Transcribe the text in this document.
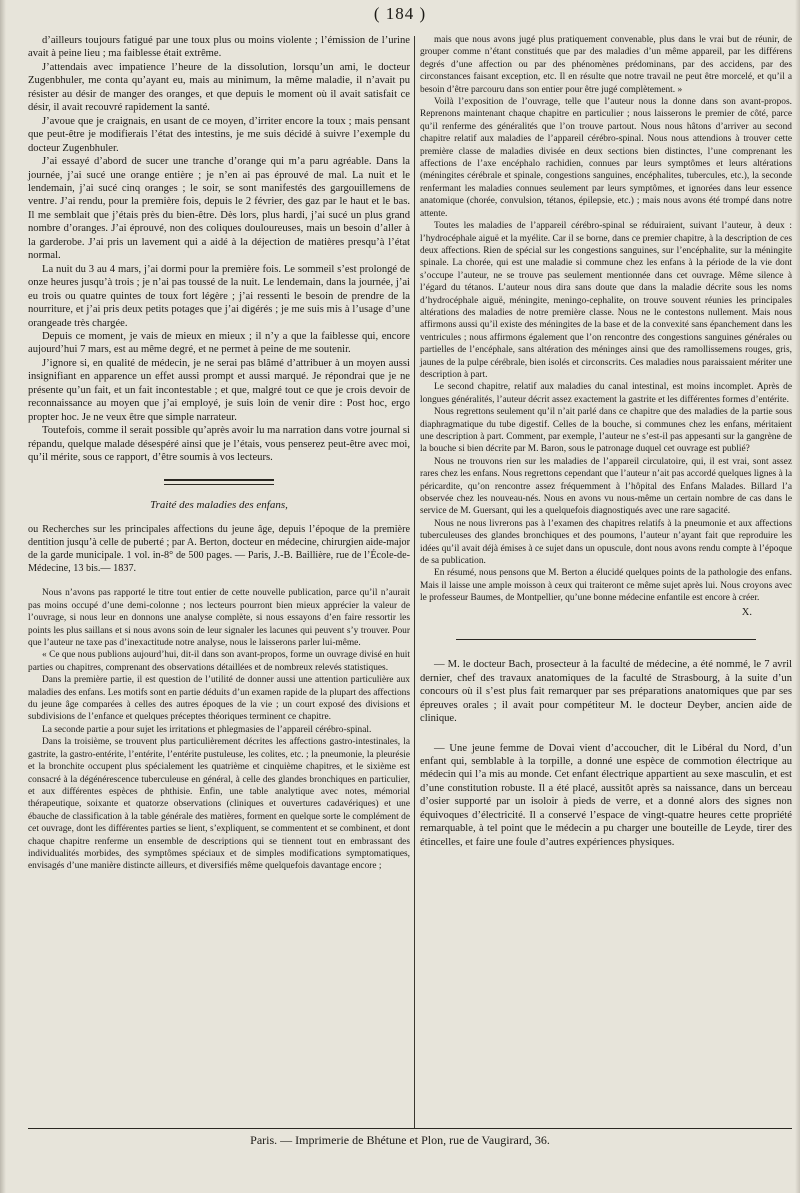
( 184 )

d’ailleurs toujours fatigué par une toux plus ou moins violente ; l’émission de l’urine avait à peine lieu ; ma faiblesse était extrême.

J’attendais avec impatience l’heure de la dissolution, lorsqu’un ami, le docteur Zugenbhuler, me conta qu’ayant eu, mais au minimum, la même maladie, il n’avait pu résister au désir de manger des oranges, et que depuis le moment où il avait satisfait ce désir, il avait recouvré rapidement la santé.

J’avoue que je craignais, en usant de ce moyen, d’irriter encore la toux ; mais pensant que peut-être je modifierais l’état des intestins, je me suis décidé à suivre l’exemple du docteur Zugenbhuler.

J’ai essayé d’abord de sucer une tranche d’orange qui m’a paru agréable. Dans la journée, j’ai sucé une orange entière ; je n’en ai pas éprouvé de mal. La nuit et le lendemain, j’ai sucé cinq oranges ; le soir, se sont manifestés des gargouillemens de ventre. J’ai rendu, pour la première fois, depuis le 2 février, des gaz par le haut et le bas. Il me semblait que j’étais près du bien-être. Dès lors, plus hardi, j’ai sucé un plus grand nombre d’oranges. J’ai éprouvé, non des coliques douloureuses, mais un besoin d’aller à la garderobe. J’ai pris un lavement qui a aidé à la déjection de matières presqu’à l’état normal.

La nuit du 3 au 4 mars, j’ai dormi pour la première fois. Le sommeil s’est prolongé de onze heures jusqu’à trois ; je n’ai pas toussé de la nuit. Le lendemain, dans la journée, j’ai eu trois ou quatre quintes de toux fort légère ; j’ai ressenti le besoin de prendre de la nourriture, et j’ai pris deux petits potages que j’ai digérés ; je me suis mis à l’usage d’une orangeade très chargée.

Depuis ce moment, je vais de mieux en mieux ; il n’y a que la faiblesse qui, encore aujourd’hui 7 mars, est au même degré, et ne permet à peine de me soutenir.

J’ignore si, en qualité de médecin, je ne serai pas blâmé d’attribuer à un moyen aussi insignifiant en apparence un effet aussi prompt et aussi marqué. Je répondrai que je ne présente qu’un fait, et un fait incontestable ; et que, malgré tout ce que je crois devoir de reconnaissance au moyen que j’ai employé, je suis loin de venir dire : Post hoc, ergo propter hoc. Je ne veux être que simple narrateur.

Toutefois, comme il serait possible qu’après avoir lu ma narration dans votre journal si répandu, quelque malade désespéré ainsi que je l’étais, vous penserez peut-être avec moi, qu’il mérite, sous ce rapport, d’être soumis à vos lecteurs.

Traité des maladies des enfans,

ou Recherches sur les principales affections du jeune âge, depuis l’époque de la première dentition jusqu’à celle de puberté ; par A. Berton, docteur en médecine, chirurgien aide-major de la garde municipale. 1 vol. in-8° de 500 pages. — Paris, J.-B. Baillière, rue de l’École-de-Médecine, 13 bis.— 1837.

Nous n’avons pas rapporté le titre tout entier de cette nouvelle publication, parce qu’il n’aurait pas moins occupé d’une demi-colonne ; nos lecteurs pourront bien mieux apprécier la valeur de l’ouvrage, si nous leur en donnons une analyse complète, si nous essayons d’en faire ressortir les points les plus saillans et si nous avons soin de leur signaler les lacunes qui peuvent s’y trouver. Pour que l’auteur ne taxe pas d’inexactitude notre analyse, nous le laisserons parler lui-même.

« Ce que nous publions aujourd’hui, dit-il dans son avant-propos, forme un ouvrage divisé en huit parties ou chapitres, comprenant des observations détaillées et de nombreux relevés statistiques.

Dans la première partie, il est question de l’utilité de donner aussi une attention particulière aux maladies des enfans. Les motifs sont en partie déduits d’un examen rapide de la plupart des affections du jeune âge comparées à celles des autres époques de la vie ; un court exposé des divisions et subdivisions de l’enfance et quelques préceptes théoriques terminent ce chapitre.

La seconde partie a pour sujet les irritations et phlegmasies de l’appareil cérébro-spinal.

Dans la troisième, se trouvent plus particulièrement décrites les affections gastro-intestinales, la gastrite, la gastro-entérite, l’entérite, l’entérite pustuleuse, les colites, etc. ; la pneumonie, la pleurésie et la bronchite occupent plus spécialement les quatrième et cinquième chapitres, et le sixième est consacré à la dégénérescence tuberculeuse en général, à celle des glandes bronchiques en particulier, et aux différentes espèces de phthisie. Enfin, une table analytique avec notes, mémorial thérapeutique, soixante et quatorze observations (cliniques et ouvertures cadavériques) et une ébauche de classification à la table générale des matières, forment en quelque sorte le complément de cet ouvrage, dont les différentes parties se lient, s’expliquent, se commentent et se combinent, et dont chaque chapitre renferme un ensemble de descriptions qui se tiennent tout en embrassant des individualités morbides, des symptômes spéciaux et de simples modifications symptomatiques, envisagés d’une manière distincte ailleurs, et diversifiés même quelquefois davantage encore ;

mais que nous avons jugé plus pratiquement convenable, plus dans le vrai but de réunir, de grouper comme n’étant constitués que par des maladies d’un même appareil, par les différens degrés d’une affection ou par des phénomènes prédominans, par des accidens, par des circonstances faisant exception, etc. Il en résulte que notre travail ne peut être morcelé, et qu’il a besoin d’être parcouru dans son entier pour être jugé complètement. »

Voilà l’exposition de l’ouvrage, telle que l’auteur nous la donne dans son avant-propos. Reprenons maintenant chaque chapitre en particulier ; nous laisserons le premier de côté, parce qu’il renferme des généralités que l’on trouve partout. Nous nous hâtons d’arriver au second chapitre relatif aux maladies de l’appareil cérébro-spinal. Nous nous attendions à trouver cette première classe de maladies divisée en deux sections bien distinctes, l’une comprenant les affections de l’axe encéphalo rachidien, connues par leurs symptômes et leurs altérations (méningites cérébrale et spinale, congestions sanguines, encéphalites, tubercules, etc.), la seconde renfermant les maladies connues seulement par leurs symptômes, et ignorées dans leur essence anatomique (chorée, convulsion, tétanos, épilepsie, etc.) ; mais nous avons été trompé dans notre attente.

Toutes les maladies de l’appareil cérébro-spinal se réduiraient, suivant l’auteur, à deux : l’hydrocéphale aiguë et la myélite. Car il se borne, dans ce premier chapitre, à la description de ces deux affections. Rien de spécial sur les congestions sanguines, sur l’encéphalite, sur la méningite spinale. La chorée, qui est une maladie si commune chez les enfans à la période de la vie dont s’occupe l’auteur, ne se trouve pas seulement mentionnée dans cet ouvrage. Même silence à l’égard du tétanos. L’auteur nous dira sans doute que dans la maladie décrite sous les noms d’hydrocéphale aiguë, méningite, meningo-cephalite, on trouve souvent réunies les principales altérations des maladies de notre première classe. Nous ne le contestons nullement. Mais nous affirmons aussi qu’il existe des méningites de la base et de la convexité sans épanchement dans les ventricules ; nous affirmons également que l’on rencontre des congestions sanguines générales ou partielles de l’encéphale, sans altération des méninges ainsi que des ramollissemens rouges, gris, jaunes de la pulpe cérébrale, bien isolés et circonscrits. Ces maladies nous paraissaient mériter une description à part.

Le second chapitre, relatif aux maladies du canal intestinal, est moins incomplet. Après de longues généralités, l’auteur décrit assez exactement la gastrite et les différentes formes d’entérite.

Nous regrettons seulement qu’il n’ait parlé dans ce chapitre que des maladies de la partie sous diaphragmatique du tube digestif. Celles de la bouche, si communes chez les enfans, méritaient une description à part. Comment, par exemple, l’auteur ne s’est-il pas appesanti sur la gangrène de la bouche si bien décrite par M. Baron, sous le patronage duquel cet ouvrage est publié?

Nous ne trouvons rien sur les maladies de l’appareil circulatoire, qui, il est vrai, sont assez rares chez les enfans. Nous regrettons cependant que l’auteur n’ait pas accordé quelques lignes à la péricardite, qu’on rencontre assez fréquemment à l’hôpital des Enfans Malades. Billard l’a observée chez les nouveau-nés. Nous en avons vu nous-même un certain nombre de cas dans le service de M. Guersant, qui les a quelquefois diagnostiqués avec une rare sagacité.

Nous ne nous livrerons pas à l’examen des chapitres relatifs à la pneumonie et aux affections tuberculeuses des glandes bronchiques et des poumons, l’auteur n’ayant fait que reproduire les idées qu’il avait déjà émises à ce sujet dans un opuscule, dont nous avons rendu compte à l’époque de sa publication.

En résumé, nous pensons que M. Berton a élucidé quelques points de la pathologie des enfans. Mais il laisse une ample moisson à ceux qui traiteront ce même sujet après lui. Nous croyons avec le professeur Baumes, de Montpellier, qu’une bonne médecine enfantile est encore à créer.

X.

— M. le docteur Bach, prosecteur à la faculté de médecine, a été nommé, le 7 avril dernier, chef des travaux anatomiques de la faculté de Strasbourg, à la suite d’un concours où il s’est plus fait remarquer par ses préparations anatomiques que par ses épreuves orales ; il avait pour compétiteur M. le docteur Deyber, ancien aide de clinique.

— Une jeune femme de Dovai vient d’accoucher, dit le Libéral du Nord, d’un enfant qui, semblable à la torpille, a donné une espèce de commotion électrique au médecin qui l’a mis au monde. Cet enfant électrique appartient au sexe masculin, et est d’une constitution robuste. Il a été placé, aussitôt après sa naissance, dans un berceau d’osier supporté par un isoloir à pieds de verre, et a donné alors des signes non équivoques d’électricité. Il a conservé l’espace de vingt-quatre heures cette propriété remarquable, à tel point que le médecin a pu charger une bouteille de Leyde, tirer des étincelles, et faire une foule d’autres expériences physiques.

Paris. — Imprimerie de Bhétune et Plon, rue de Vaugirard, 36.
